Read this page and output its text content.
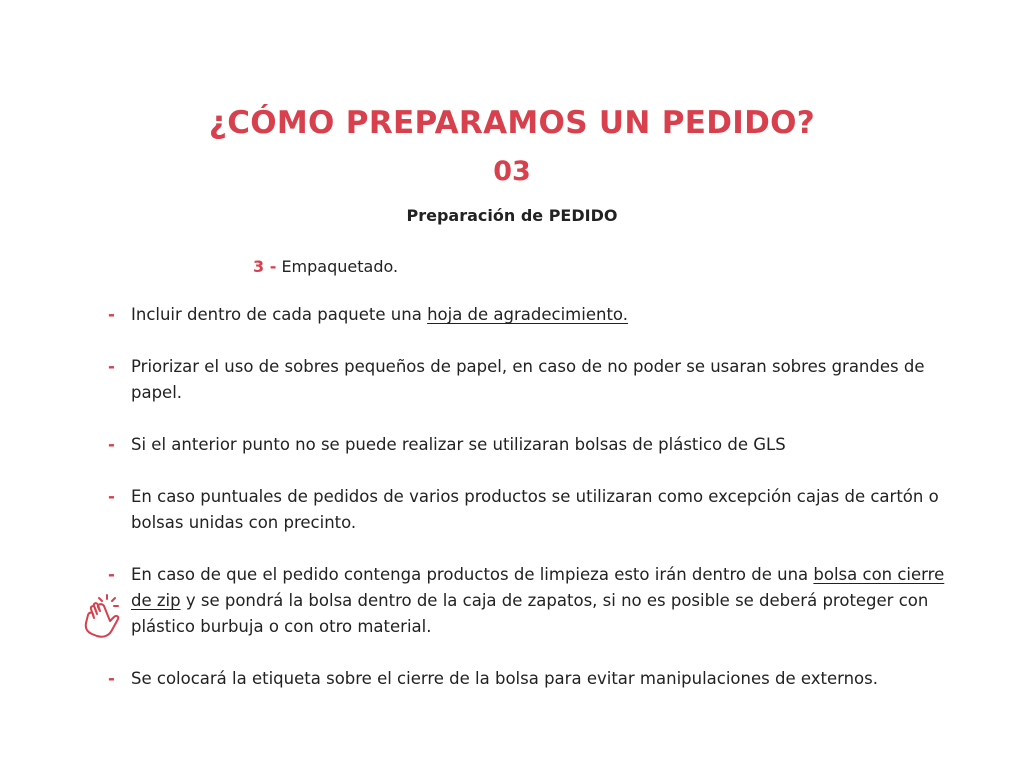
¿CÓMO PREPARAMOS UN PEDIDO?
03
Preparación de PEDIDO
3 - Empaquetado.
- Incluir dentro de cada paquete una hoja de agradecimiento.
- Priorizar el uso de sobres pequeños de papel, en caso de no poder se usaran sobres grandes de papel.
- Si el anterior punto no se puede realizar se utilizaran bolsas de plástico de GLS
- En caso puntuales de pedidos de varios productos se utilizaran como excepción cajas de cartón o bolsas unidas con precinto.
- En caso de que el pedido contenga productos de limpieza esto irán dentro de una bolsa con cierre de zip y se pondrá la bolsa dentro de la caja de zapatos, si no es posible se deberá proteger con plástico burbuja o con otro material.
- Se colocará la etiqueta sobre el cierre de la bolsa para evitar manipulaciones de externos.
